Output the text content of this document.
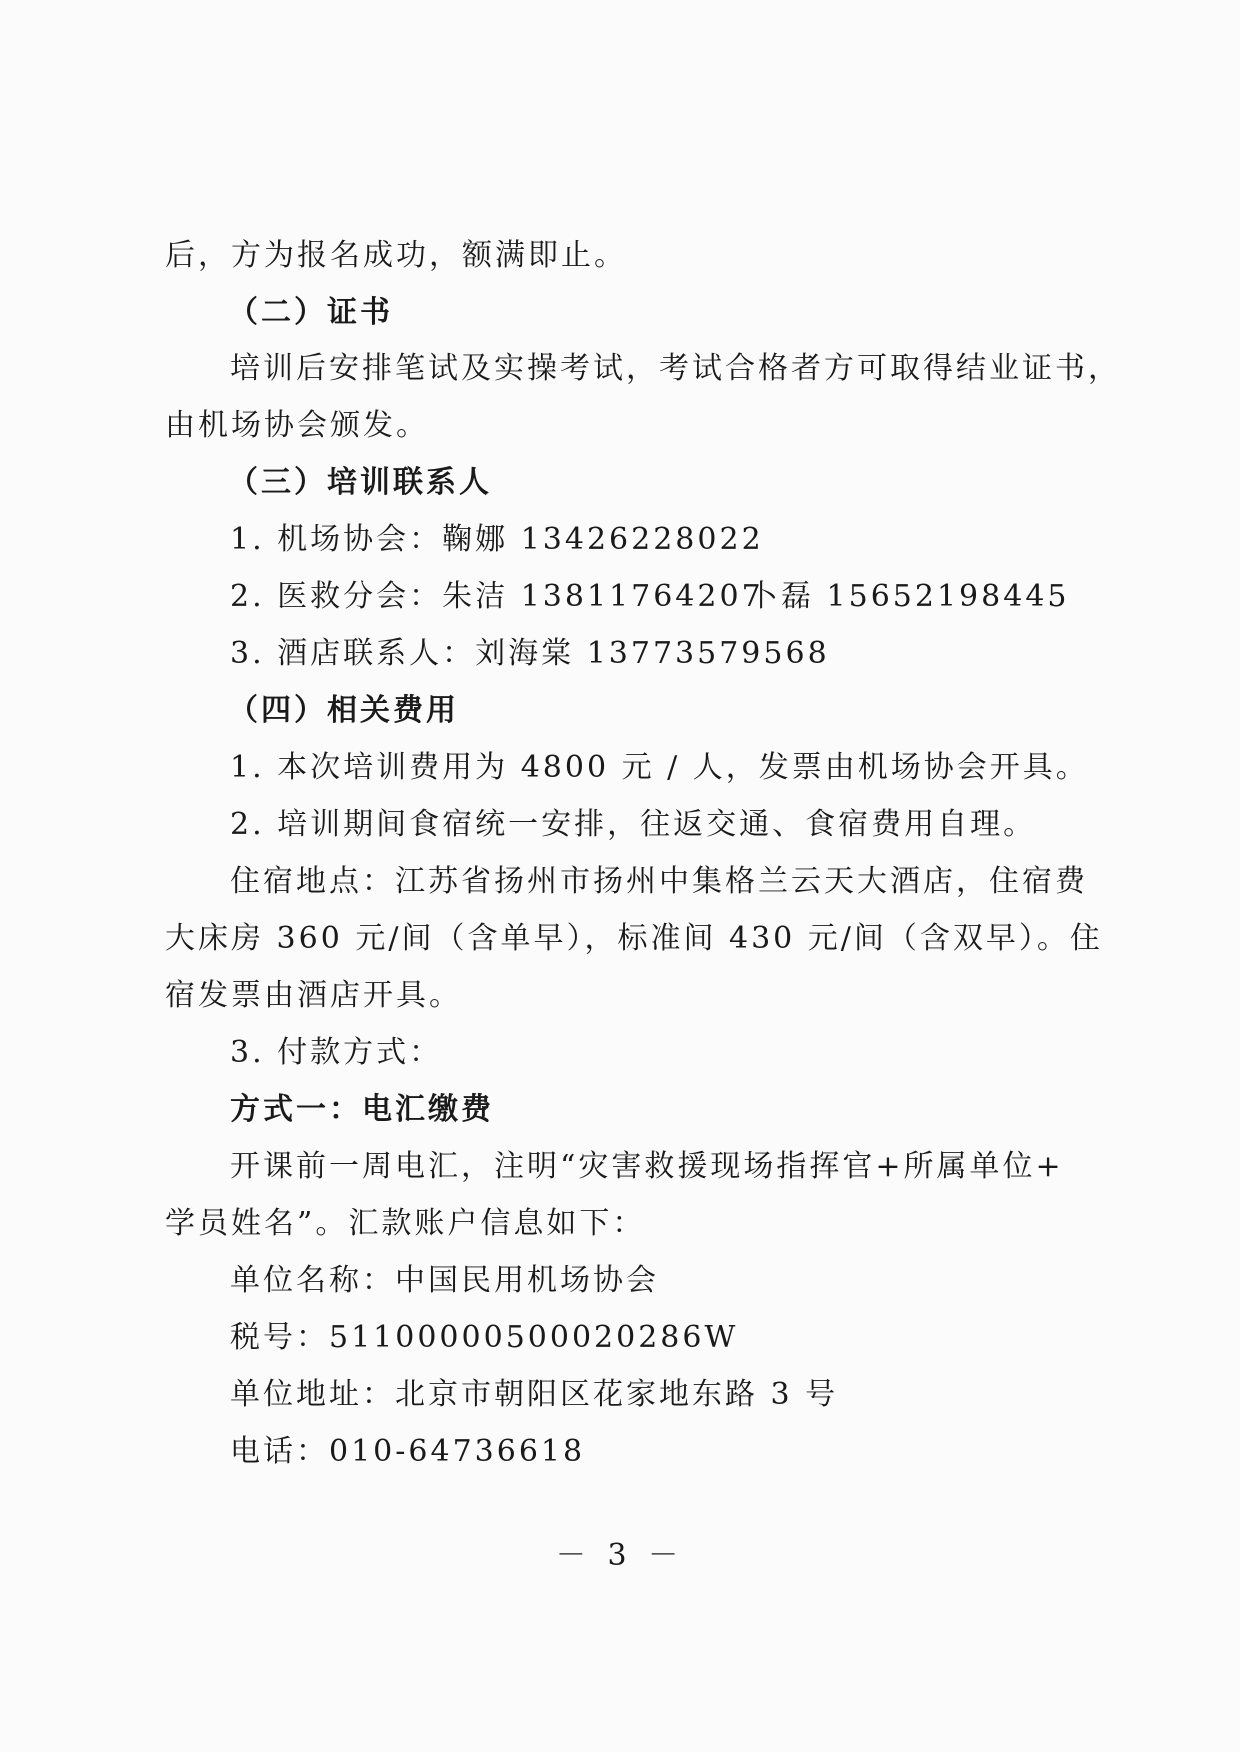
后，方为报名成功，额满即止。
（二）证书
培训后安排笔试及实操考试，考试合格者方可取得结业证书，
由机场协会颁发。
（三）培训联系人
1. 机场协会：鞠娜 13426228022
2. 医救分会：朱洁 13811764207
卜磊 15652198445
3. 酒店联系人：刘海棠 13773579568
（四）相关费用
1. 本次培训费用为 4800 元 / 人，发票由机场协会开具。
2. 培训期间食宿统一安排，往返交通、食宿费用自理。
住宿地点：江苏省扬州市扬州中集格兰云天大酒店，住宿费
大床房 360 元/间（含单早），标准间 430 元/间（含双早）。住
宿发票由酒店开具。
3. 付款方式：
方式一：电汇缴费
开课前一周电汇，注明“灾害救援现场指挥官+所属单位+
学员姓名”。汇款账户信息如下：
单位名称：中国民用机场协会
税号：51100000500020286W
单位地址：北京市朝阳区花家地东路 3 号
电话：010-64736618
－ 3 －
